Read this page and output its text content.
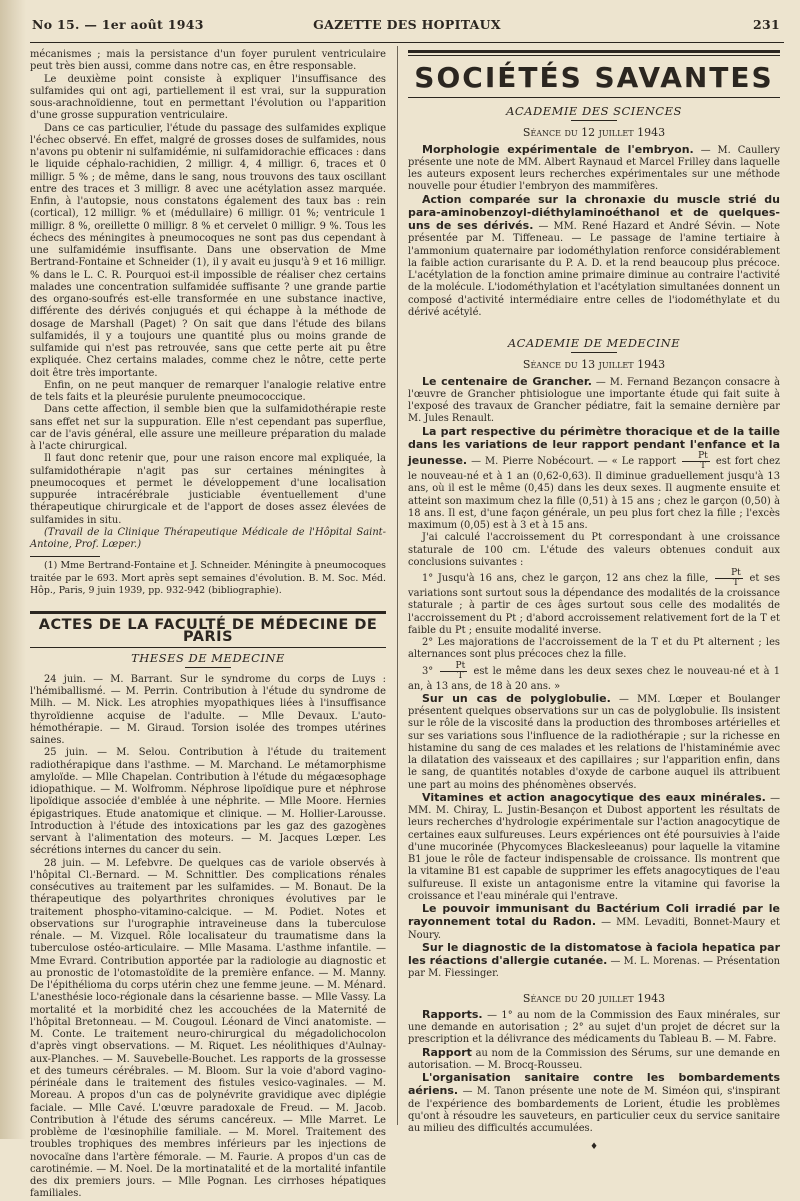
No 15. — 1er août 1943	GAZETTE DES HOPITAUX	231

mécanismes ; mais la persistance d'un foyer purulent ventriculaire peut très bien aussi, comme dans notre cas, en être responsable.

Le deuxième point consiste à expliquer l'insuffisance des sulfamides qui ont agi, partiellement il est vrai, sur la suppuration sous-arachnoïdienne, tout en permettant l'évolution ou l'apparition d'une grosse suppuration ventriculaire.

Dans ce cas particulier, l'étude du passage des sulfamides explique l'échec observé. En effet, malgré de grosses doses de sulfamides, nous n'avons pu obtenir ni sulfamidémie, ni sulfamidorachie efficaces : dans le liquide céphalo-rachidien, 2 milligr. 4, 4 milligr. 6, traces et 0 milligr. 5 % ; de même, dans le sang, nous trouvons des taux oscillant entre des traces et 3 milligr. 8 avec une acétylation assez marquée. Enfin, à l'autopsie, nous constatons également des taux bas : rein (cortical), 12 milligr. % et (médullaire) 6 milligr. 01 %; ventricule 1 milligr. 8 %, oreillette 0 milligr. 8 % et cervelet 0 milligr. 9 %. Tous les échecs des méningites à pneumocoques ne sont pas dus cependant à une sulfamidémie insuffisante. Dans une observation de Mme Bertrand-Fontaine et Schneider (1), il y avait eu jusqu'à 9 et 16 milligr. % dans le L. C. R. Pourquoi est-il impossible de réaliser chez certains malades une concentration sulfamidée suffisante ? une grande partie des organo-soufrés est-elle transformée en une substance inactive, différente des dérivés conjugués et qui échappe à la méthode de dosage de Marshall (Paget) ? On sait que dans l'étude des bilans sulfamidés, il y a toujours une quantité plus ou moins grande de sulfamide qui n'est pas retrouvée, sans que cette perte ait pu être expliquée. Chez certains malades, comme chez le nôtre, cette perte doit être très importante.

Enfin, on ne peut manquer de remarquer l'analogie relative entre de tels faits et la pleurésie purulente pneumococcique.

Dans cette affection, il semble bien que la sulfamidothérapie reste sans effet net sur la suppuration. Elle n'est cependant pas superflue, car de l'avis général, elle assure une meilleure préparation du malade à l'acte chirurgical.

Il faut donc retenir que, pour une raison encore mal expliquée, la sulfamidothérapie n'agit pas sur certaines méningites à pneumocoques et permet le développement d'une localisation suppurée intracérébrale justiciable éventuellement d'une thérapeutique chirurgicale et de l'apport de doses assez élevées de sulfamides in situ.

(Travail de la Clinique Thérapeutique Médicale de l'Hôpital Saint-Antoine, Prof. Lœper.)

(1) Mme Bertrand-Fontaine et J. Schneider. Méningite à pneumocoques traitée par le 693. Mort après sept semaines d'évolution. B. M. Soc. Méd. Hôp., Paris, 9 juin 1939, pp. 932-942 (bibliographie).

ACTES DE LA FACULTÉ DE MÉDECINE DE PARIS
THESES DE MEDECINE

24 juin. — M. Barrant. Sur le syndrome du corps de Luys : l'hémiballismé. — M. Perrin. Contribution à l'étude du syndrome de Milh. — M. Nick. Les atrophies myopathiques liées à l'insuffisance thyroïdienne acquise de l'adulte. — Mlle Devaux. L'auto-hémothérapie. — M. Giraud. Torsion isolée des trompes utérines saines.

25 juin. — M. Selou. Contribution à l'étude du traitement radiothérapique dans l'asthme. — M. Marchand. Le métamorphisme amyloïde. — Mlle Chapelan. Contribution à l'étude du mégaœsophage idiopathique. — M. Wolfromm. Néphrose lipoïdique pure et néphrose lipoïdique associée d'emblée à une néphrite. — Mlle Moore. Hernies épigastriques. Etude anatomique et clinique. — M. Hollier-Larousse. Introduction à l'étude des intoxications par les gaz des gazogènes servant à l'alimentation des moteurs. — M. Jacques Lœper. Les sécrétions internes du cancer du sein.

28 juin. — M. Lefebvre. De quelques cas de variole observés à l'hôpital Cl.-Bernard. — M. Schnittler. Des complications rénales consécutives au traitement par les sulfamides. — M. Bonaut. De la thérapeutique des polyarthrites chroniques évolutives par le traitement phospho-vitamino-calcique. — M. Podiet. Notes et observations sur l'urographie intraveineuse dans la tuberculose rénale. — M. Vizquel. Rôle localisateur du traumatisme dans la tuberculose ostéo-articulaire. — Mlle Masama. L'asthme infantile. — Mme Evrard. Contribution apportée par la radiologie au diagnostic et au pronostic de l'otomastoïdite de la première enfance. — M. Manny. De l'épithélioma du corps utérin chez une femme jeune. — M. Ménard. L'anesthésie loco-régionale dans la césarienne basse. — Mlle Vassy. La mortalité et la morbidité chez les accouchées de la Maternité de l'hôpital Bretonneau. — M. Cougoul. Léonard de Vinci anatomiste. — M. Conte. Le traitement neuro-chirurgical du mégadolichocolon d'après vingt observations. — M. Riquet. Les néolithiques d'Aulnay-aux-Planches. — M. Sauvebelle-Bouchet. Les rapports de la grossesse et des tumeurs cérébrales. — M. Bloom. Sur la voie d'abord vagino-périnéale dans le traitement des fistules vesico-vaginales. — M. Moreau. A propos d'un cas de polynévrite gravidique avec diplégie faciale. — Mlle Cavé. L'œuvre paradoxale de Freud. — M. Jacob. Contribution à l'étude des sérums cancéreux. — Mlle Marret. Le problème de l'œsinophilie familiale. — M. Morel. Traitement des troubles trophiques des membres inférieurs par les injections de novocaïne dans l'artère fémorale. — M. Faurie. A propos d'un cas de carotinémie. — M. Noel. De la mortinatalité et de la mortalité infantile des dix premiers jours. — Mlle Pognan. Les cirrhoses hépatiques familiales.

SOCIÉTÉS SAVANTES
ACADEMIE DES SCIENCES
Séance du 12 juillet 1943

Morphologie expérimentale de l'embryon. — M. Caullery présente une note de MM. Albert Raynaud et Marcel Frilley dans laquelle les auteurs exposent leurs recherches expérimentales sur une méthode nouvelle pour étudier l'embryon des mammifères.

Action comparée sur la chronaxie du muscle strié du para-aminobenzoyl-diéthylaminoéthanol et de quelques-uns de ses dérivés. — MM. René Hazard et André Sévin. — Note présentée par M. Tiffeneau. — Le passage de l'amine tertiaire à l'ammonium quaternaire par iodométhylation renforce considérablement la faible action curarisante du P. A. D. et la rend beaucoup plus précoce. L'acétylation de la fonction amine primaire diminue au contraire l'activité de la molécule. L'iodométhylation et l'acétylation simultanées donnent un composé d'activité intermédiaire entre celles de l'iodométhylate et du dérivé acétylé.

ACADEMIE DE MEDECINE
Séance du 13 juillet 1943

Le centenaire de Grancher. — M. Fernand Bezançon consacre à l'œuvre de Grancher phtisiologue une importante étude qui fait suite à l'exposé des travaux de Grancher pédiatre, fait la semaine dernière par M. Jules Renault.

La part respective du périmètre thoracique et de la taille dans les variations de leur rapport pendant l'enfance et la jeunesse. — M. Pierre Nobécourt. — « Le rapport $\frac{Pt}{T}$ est fort chez le nouveau-né et à 1 an (0,62-0,63). Il diminue graduellement jusqu'à 13 ans, où il est le même (0,45) dans les deux sexes. Il augmente ensuite et atteint son maximum chez la fille (0,51) à 15 ans ; chez le garçon (0,50) à 18 ans. Il est, d'une façon générale, un peu plus fort chez la fille ; l'excès maximum (0,05) est à 3 et à 15 ans.

J'ai calculé l'accroissement du Pt correspondant à une croissance staturale de 100 cm. L'étude des valeurs obtenues conduit aux conclusions suivantes :

1° Jusqu'à 16 ans, chez le garçon, 12 ans chez la fille, $\frac{Pt}{T}$ et ses variations sont surtout sous la dépendance des modalités de la croissance staturale ; à partir de ces âges surtout sous celle des modalités de l'accroissement du Pt ; d'abord accroissement relativement fort de la T et faible du Pt ; ensuite modalité inverse.

2° Les majorations de l'accroissement de la T et du Pt alternent ; les alternances sont plus précoces chez la fille.

$3^\circ \frac{Pt}{T}$ est le même dans les deux sexes chez le nouveau-né et à 1 an, à 13 ans, de 18 à 20 ans. »

Sur un cas de polyglobulie. — MM. Lœper et Boulanger présentent quelques observations sur un cas de polyglobulie. Ils insistent sur le rôle de la viscosité dans la production des thromboses artérielles et sur ses variations sous l'influence de la radiothérapie ; sur la richesse en histamine du sang de ces malades et les relations de l'histaminémie avec la dilatation des vaisseaux et des capillaires ; sur l'apparition enfin, dans le sang, de quantités notables d'oxyde de carbone auquel ils attribuent une part au moins des phénomènes observés.

Vitamines et action anagocytique des eaux minérales. — MM. M. Chiray, L. Justin-Besançon et Dubost apportent les résultats de leurs recherches d'hydrologie expérimentale sur l'action anagocytique de certaines eaux sulfureuses. Leurs expériences ont été poursuivies à l'aide d'une mucorinée (Phycomyces Blackesleeanus) pour laquelle la vitamine B1 joue le rôle de facteur indispensable de croissance. Ils montrent que la vitamine B1 est capable de supprimer les effets anagocytiques de l'eau sulfureuse. Il existe un antagonisme entre la vitamine qui favorise la croissance et l'eau minérale qui l'entrave.

Le pouvoir immunisant du Bactérium Coli irradié par le rayonnement total du Radon. — MM. Levaditi, Bonnet-Maury et Noury.

Sur le diagnostic de la distomatose à faciola hepatica par les réactions d'allergie cutanée. — M. L. Morenas. — Présentation par M. Fiessinger.

Séance du 20 juillet 1943

Rapports. — 1° au nom de la Commission des Eaux minérales, sur une demande en autorisation ; 2° au sujet d'un projet de décret sur la prescription et la délivrance des médicaments du Tableau B. — M. Fabre.

Rapport au nom de la Commission des Sérums, sur une demande en autorisation. — M. Brocq-Rousseu.

L'organisation sanitaire contre les bombardements aériens. — M. Tanon présente une note de M. Siméon qui, s'inspirant de l'expérience des bombardements de Lorient, étudie les problèmes qu'ont à résoudre les sauveteurs, en particulier ceux du service sanitaire au milieu des difficultés accumulées.

♦
